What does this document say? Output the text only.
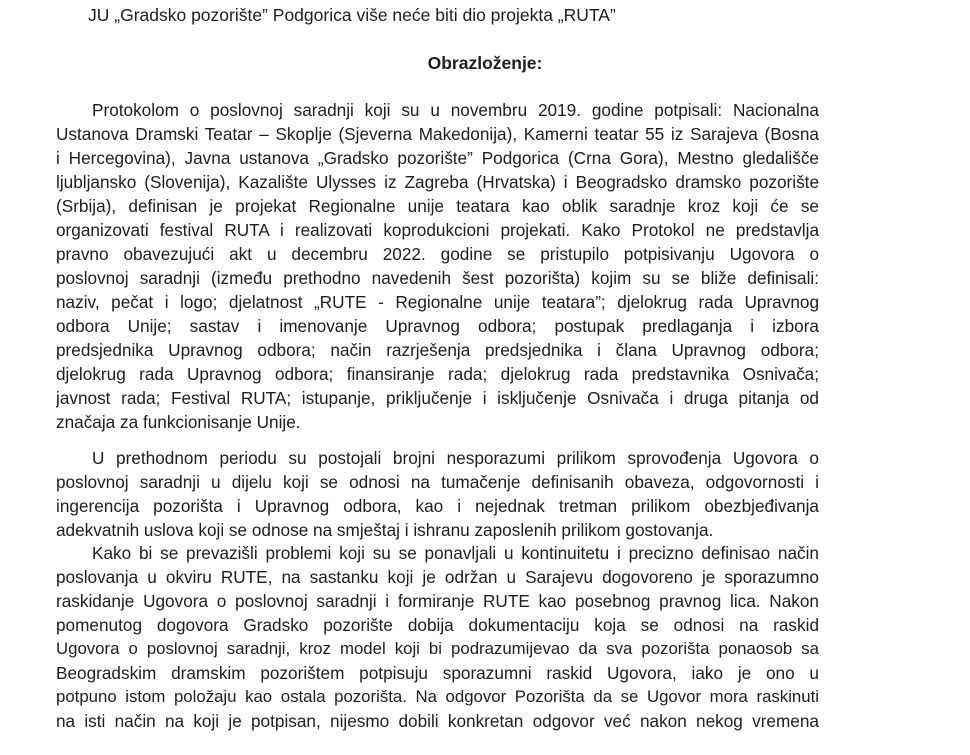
JU „Gradsko pozorište” Podgorica više neće biti dio projekta „RUTA”
Obrazloženje:
Protokolom o poslovnoj saradnji koji su u novembru 2019. godine potpisali: Nacionalna
Ustanova Dramski Teatar – Skoplje (Sjeverna Makedonija), Kamerni teatar 55 iz Sarajeva (Bosna
i Hercegovina), Javna ustanova „Gradsko pozorište” Podgorica (Crna Gora), Mestno gledališče
ljubljansko (Slovenija), Kazalište Ulysses iz Zagreba (Hrvatska) i Beogradsko dramsko pozorište
(Srbija), definisan je projekat Regionalne unije teatara kao oblik saradnje kroz koji će se
organizovati festival RUTA i realizovati koprodukcioni projekati. Kako Protokol ne predstavlja
pravno obavezujući akt u decembru 2022. godine se pristupilo potpisivanju Ugovora o
poslovnoj saradnji (između prethodno navedenih šest pozorišta) kojim su se bliže definisali:
naziv, pečat i logo; djelatnost „RUTE - Regionalne unije teatara”; djelokrug rada Upravnog
odbora Unije; sastav i imenovanje Upravnog odbora; postupak predlaganja i izbora
predsjednika Upravnog odbora; način razrješenja predsjednika i člana Upravnog odbora;
djelokrug rada Upravnog odbora; finansiranje rada; djelokrug rada predstavnika Osnivača;
javnost rada; Festival RUTA; istupanje, priključenje i isključenje Osnivača i druga pitanja od
značaja za funkcionisanje Unije.
U prethodnom periodu su postojali brojni nesporazumi prilikom sprovođenja Ugovora o
poslovnoj saradnji u dijelu koji se odnosi na tumačenje definisanih obaveza, odgovornosti i
ingerencija pozorišta i Upravnog odbora, kao i nejednak tretman prilikom obezbjeđivanja
adekvatnih uslova koji se odnose na smještaj i ishranu zaposlenih prilikom gostovanja.
Kako bi se prevazišli problemi koji su se ponavljali u kontinuitetu i precizno definisao način
poslovanja u okviru RUTE, na sastanku koji je održan u Sarajevu dogovoreno je sporazumno
raskidanje Ugovora o poslovnoj saradnji i formiranje RUTE kao posebnog pravnog lica. Nakon
pomenutog dogovora Gradsko pozorište dobija dokumentaciju koja se odnosi na raskid
Ugovora o poslovnoj saradnji, kroz model koji bi podrazumijevao da sva pozorišta ponaosob sa
Beogradskim dramskim pozorištem potpisuju sporazumni raskid Ugovora, iako je ono u
potpuno istom položaju kao ostala pozorišta. Na odgovor Pozorišta da se Ugovor mora raskinuti
na isti način na koji je potpisan, nijesmo dobili konkretan odgovor već nakon nekog vremena
